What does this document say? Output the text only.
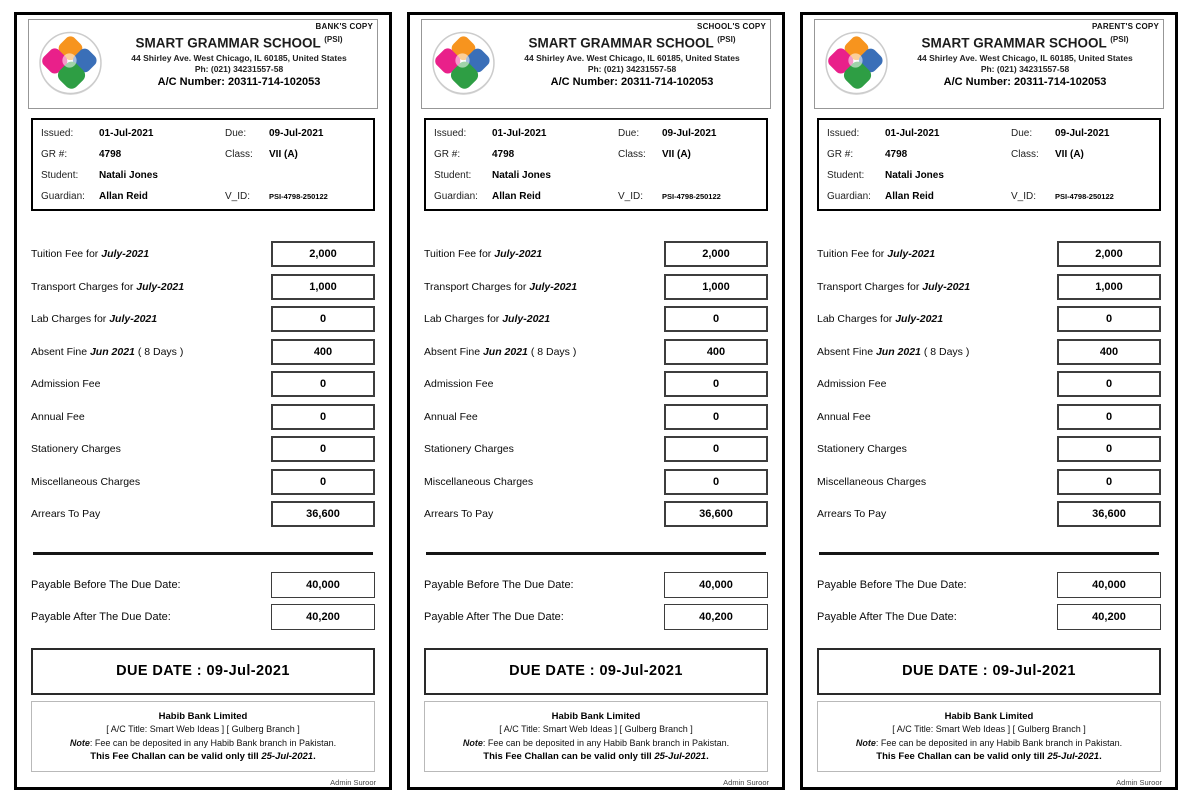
BANK'S COPY
SMART GRAMMAR SCHOOL $^{(PSI)}$
44 Shirley Ave. West Chicago, IL 60185, United States
Ph: (021) 34231557-58
A/C Number: 20311-714-102053
Issued:	01-Jul-2021	Due:	09-Jul-2021
GR #:	4798	Class:	VII (A)
Student:	Natali Jones
Guardian:	Allan Reid	V_ID:	PSI-4798-250122
Tuition Fee for July-2021	2,000
Transport Charges for July-2021	1,000
Lab Charges for July-2021	0
Absent Fine Jun 2021 ( 8 Days )	400
Admission Fee	0
Annual Fee	0
Stationery Charges	0
Miscellaneous Charges	0
Arrears To Pay	36,600
Payable Before The Due Date:	40,000
Payable After The Due Date:	40,200
DUE DATE : 09-Jul-2021
Habib Bank Limited
[ A/C Title: Smart Web Ideas ] [ Gulberg Branch ]
Note: Fee can be deposited in any Habib Bank branch in Pakistan.
This Fee Challan can be valid only till 25-Jul-2021.
Admin Suroor
SCHOOL'S COPY
SMART GRAMMAR SCHOOL $^{(PSI)}$
44 Shirley Ave. West Chicago, IL 60185, United States
Ph: (021) 34231557-58
A/C Number: 20311-714-102053
Issued:	01-Jul-2021	Due:	09-Jul-2021
GR #:	4798	Class:	VII (A)
Student:	Natali Jones
Guardian:	Allan Reid	V_ID:	PSI-4798-250122
Tuition Fee for July-2021	2,000
Transport Charges for July-2021	1,000
Lab Charges for July-2021	0
Absent Fine Jun 2021 ( 8 Days )	400
Admission Fee	0
Annual Fee	0
Stationery Charges	0
Miscellaneous Charges	0
Arrears To Pay	36,600
Payable Before The Due Date:	40,000
Payable After The Due Date:	40,200
DUE DATE : 09-Jul-2021
Habib Bank Limited
[ A/C Title: Smart Web Ideas ] [ Gulberg Branch ]
Note: Fee can be deposited in any Habib Bank branch in Pakistan.
This Fee Challan can be valid only till 25-Jul-2021.
Admin Suroor
PARENT'S COPY
SMART GRAMMAR SCHOOL $^{(PSI)}$
44 Shirley Ave. West Chicago, IL 60185, United States
Ph: (021) 34231557-58
A/C Number: 20311-714-102053
Issued:	01-Jul-2021	Due:	09-Jul-2021
GR #:	4798	Class:	VII (A)
Student:	Natali Jones
Guardian:	Allan Reid	V_ID:	PSI-4798-250122
Tuition Fee for July-2021	2,000
Transport Charges for July-2021	1,000
Lab Charges for July-2021	0
Absent Fine Jun 2021 ( 8 Days )	400
Admission Fee	0
Annual Fee	0
Stationery Charges	0
Miscellaneous Charges	0
Arrears To Pay	36,600
Payable Before The Due Date:	40,000
Payable After The Due Date:	40,200
DUE DATE : 09-Jul-2021
Habib Bank Limited
[ A/C Title: Smart Web Ideas ] [ Gulberg Branch ]
Note: Fee can be deposited in any Habib Bank branch in Pakistan.
This Fee Challan can be valid only till 25-Jul-2021.
Admin Suroor
